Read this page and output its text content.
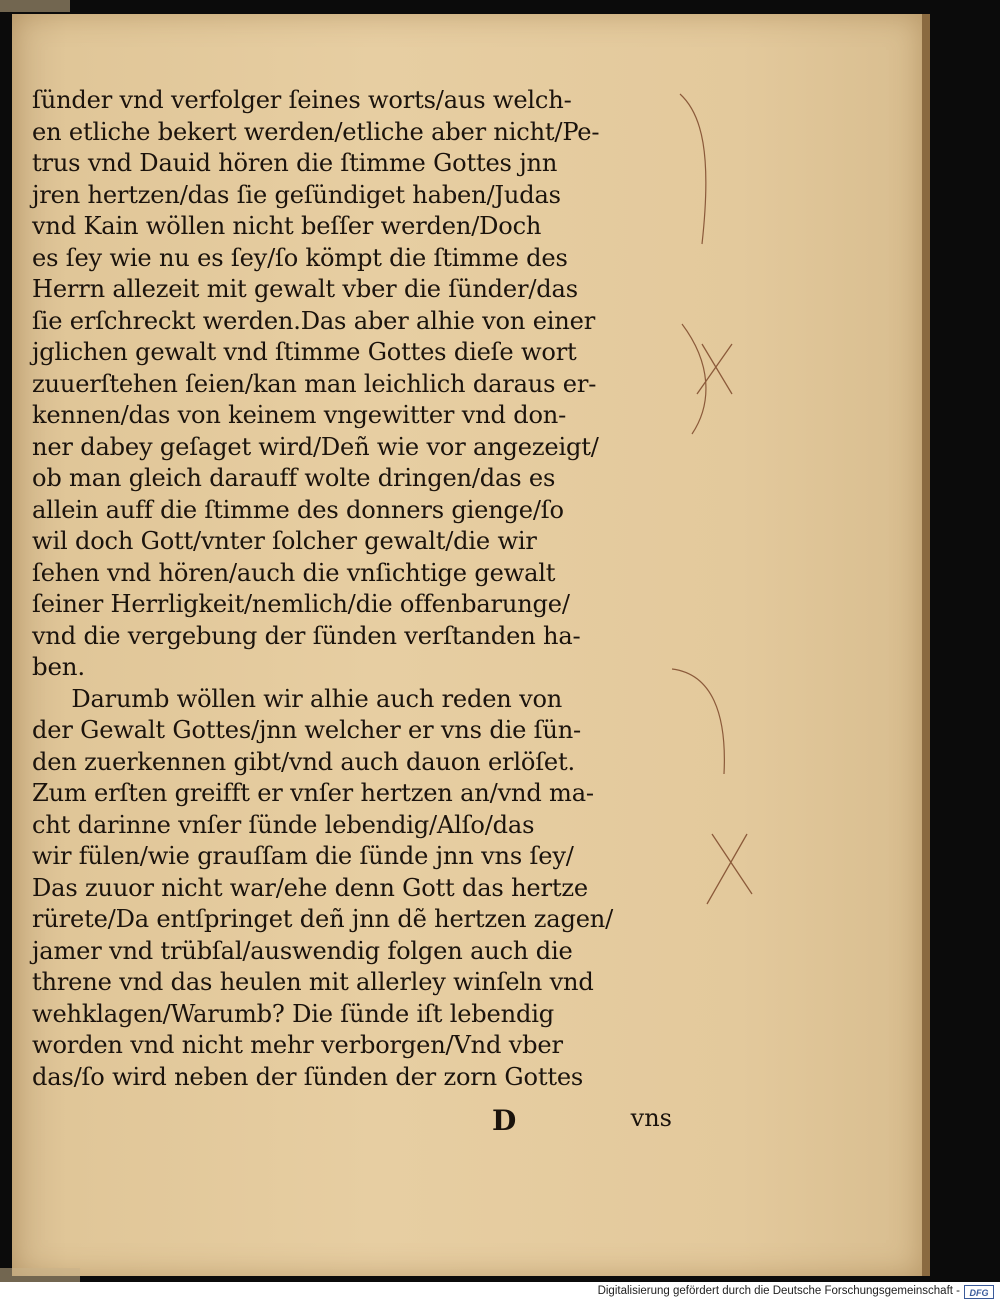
ſünder vnd verfolger ſeines worts/aus welch-
en etliche bekert werden/etliche aber nicht/Pe-
trus vnd Dauid hören die ſtimme Gottes jnn
jren hertzen/das ſie geſündiget haben/Judas
vnd Kain wöllen nicht beſſer werden/Doch
es ſey wie nu es ſey/ſo kömpt die ſtimme des
Herrn allezeit mit gewalt vber die ſünder/das
ſie erſchreckt werden.Das aber alhie von einer
jglichen gewalt vnd ſtimme Gottes dieſe wort
zuuerſtehen ſeien/kan man leichlich daraus er-
kennen/das von keinem vngewitter vnd don-
ner dabey geſaget wird/Deñ wie vor angezeigt/
ob man gleich darauff wolte dringen/das es
allein auff die ſtimme des donners gienge/ſo
wil doch Gott/vnter ſolcher gewalt/die wir
ſehen vnd hören/auch die vnſichtige gewalt
ſeiner Herrligkeit/nemlich/die offenbarunge/
vnd die vergebung der ſünden verſtanden ha-
ben.
Darumb wöllen wir alhie auch reden von
der Gewalt Gottes/jnn welcher er vns die ſün-
den zuerkennen gibt/vnd auch dauon erlöſet.
Zum erſten greifft er vnſer hertzen an/vnd ma-
cht darinne vnſer ſünde lebendig/Alſo/das
wir fülen/wie grauſſam die ſünde jnn vns ſey/
Das zuuor nicht war/ehe denn Gott das hertze
rürete/Da entſpringet deñ jnn dẽ hertzen zagen/
jamer vnd trübſal/auswendig folgen auch die
threne vnd das heulen mit allerley winſeln vnd
wehklagen/Warumb? Die ſünde iſt lebendig
worden vnd nicht mehr verborgen/Vnd vber
das/ſo wird neben der ſünden der zorn Gottes
D	vns
Digitalisierung gefördert durch die Deutsche Forschungsgemeinschaft -	DFG
